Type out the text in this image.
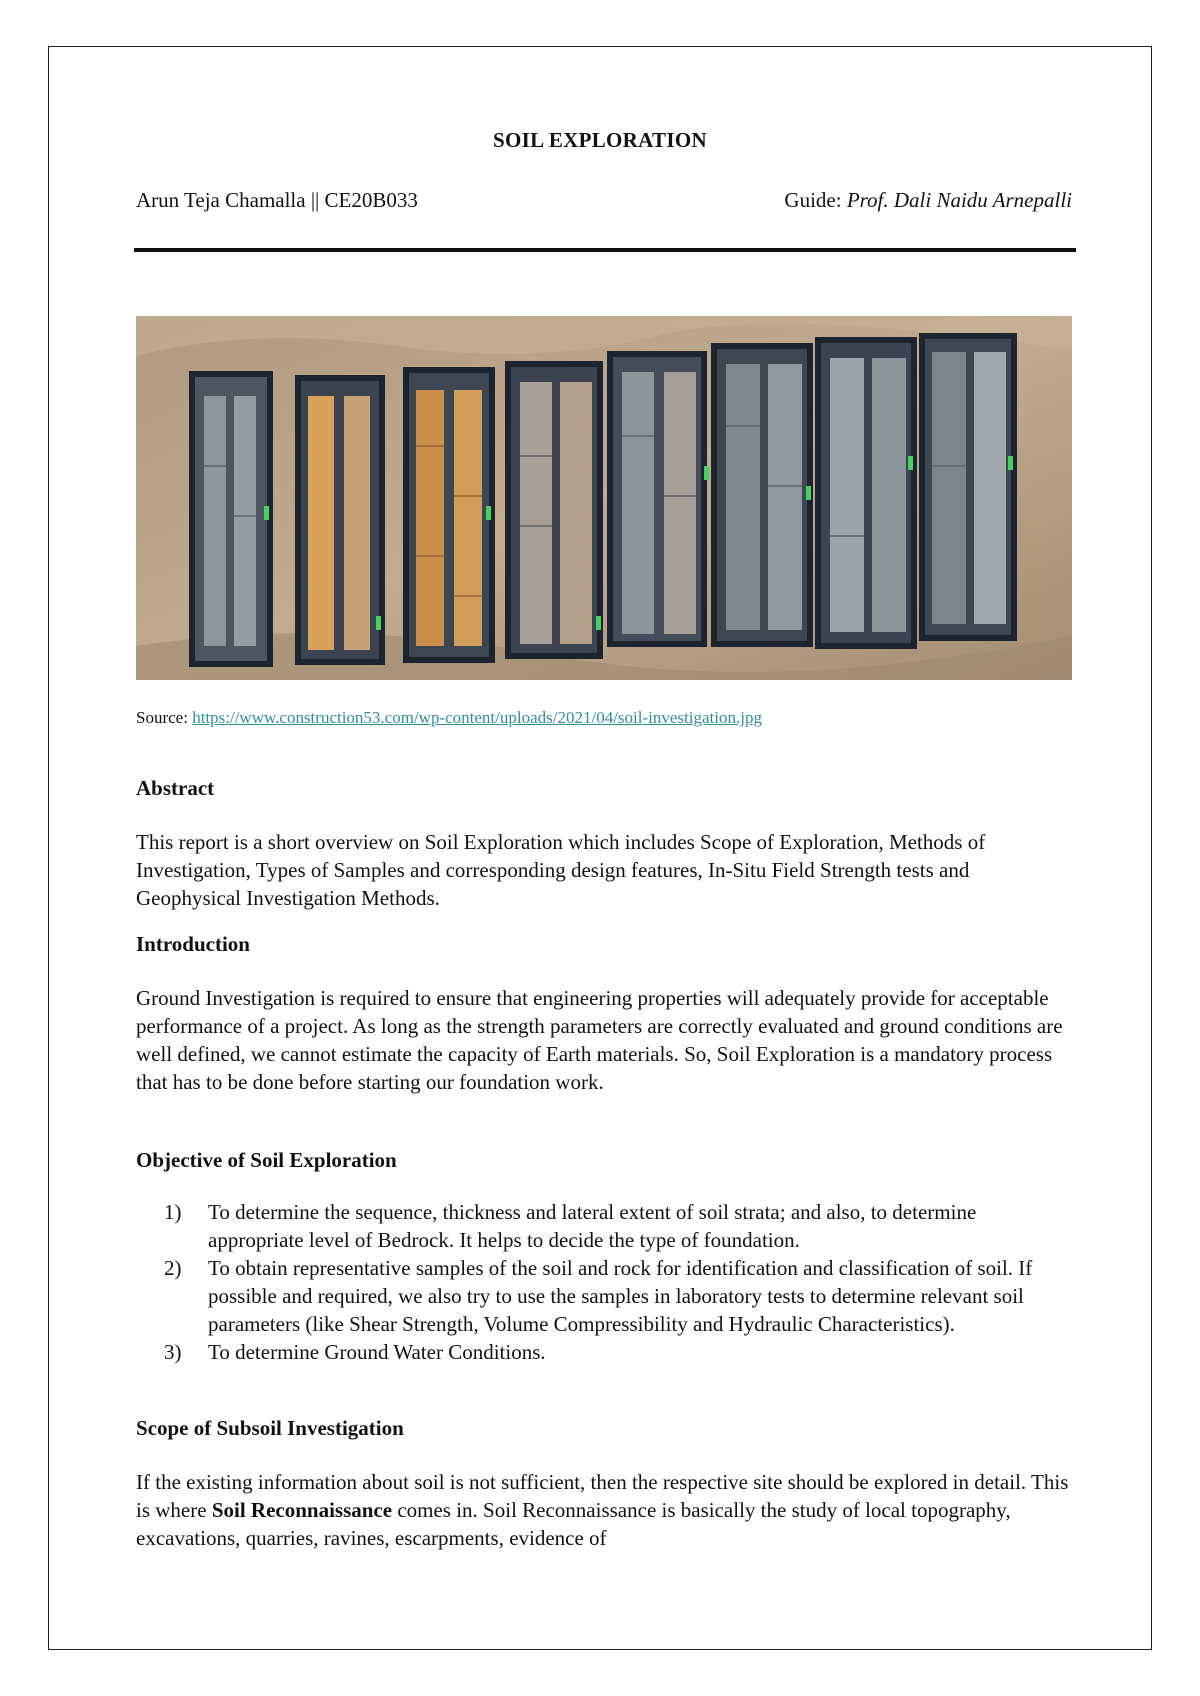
SOIL EXPLORATION
Arun Teja Chamalla || CE20B033	Guide: Prof. Dali Naidu Arnepalli
Source: https://www.construction53.com/wp-content/uploads/2021/04/soil-investigation.jpg
Abstract

This report is a short overview on Soil Exploration which includes Scope of Exploration, Methods of Investigation, Types of Samples and corresponding design features, In-Situ Field Strength tests and Geophysical Investigation Methods.

Introduction

Ground Investigation is required to ensure that engineering properties will adequately provide for acceptable performance of a project. As long as the strength parameters are correctly evaluated and ground conditions are well defined, we cannot estimate the capacity of Earth materials. So, Soil Exploration is a mandatory process that has to be done before starting our foundation work.

Objective of Soil Exploration
1) To determine the sequence, thickness and lateral extent of soil strata; and also, to determine appropriate level of Bedrock. It helps to decide the type of foundation.
2) To obtain representative samples of the soil and rock for identification and classification of soil. If possible and required, we also try to use the samples in laboratory tests to determine relevant soil parameters (like Shear Strength, Volume Compressibility and Hydraulic Characteristics).
3) To determine Ground Water Conditions.
Scope of Subsoil Investigation

If the existing information about soil is not sufficient, then the respective site should be explored in detail. This is where Soil Reconnaissance comes in. Soil Reconnaissance is basically the study of local topography, excavations, quarries, ravines, escarpments, evidence of
